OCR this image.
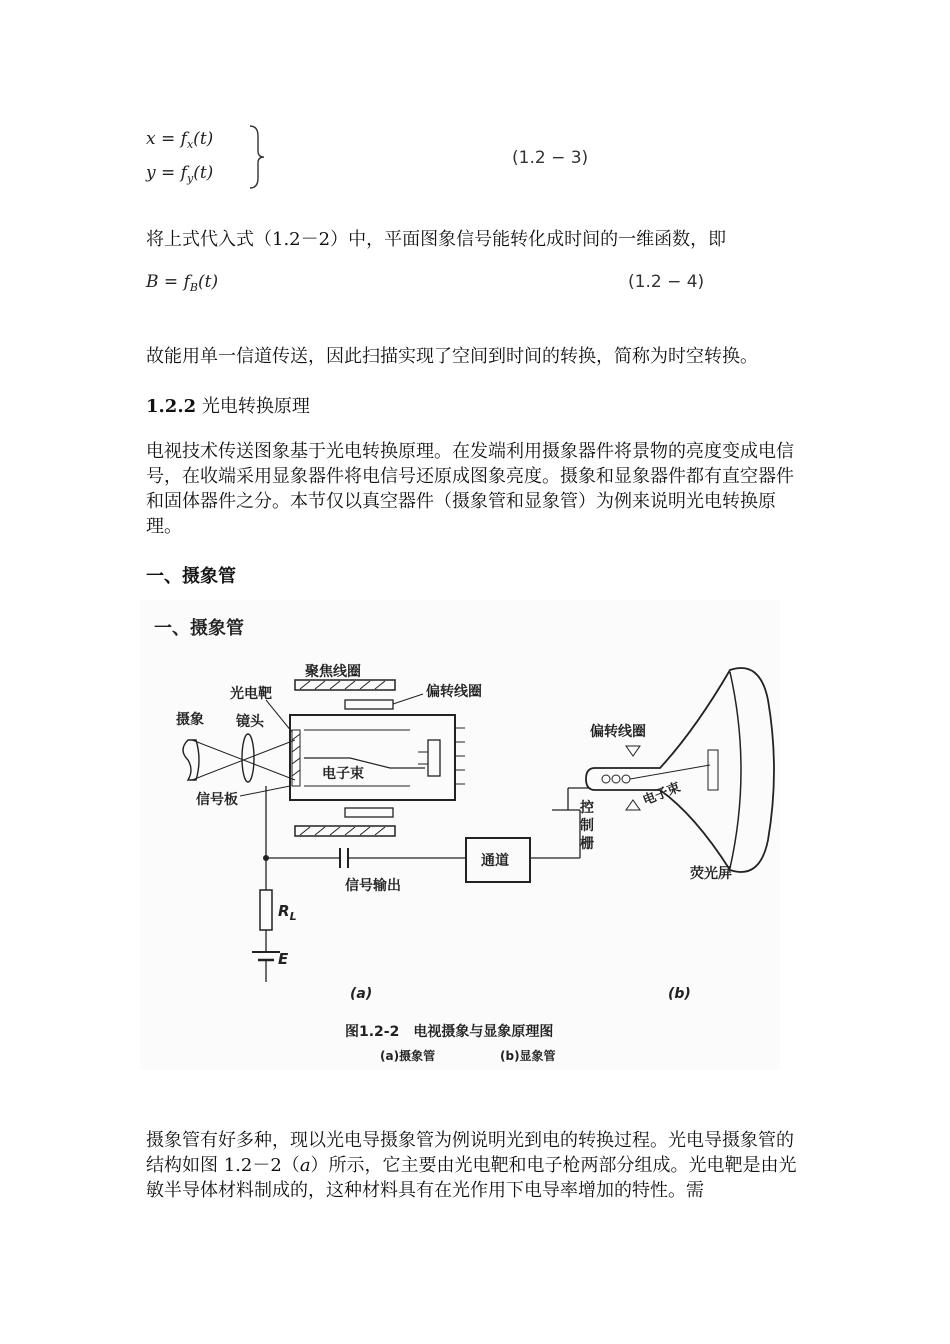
$x = f_x(t)$
$y = f_y(t)$
(1.2 − 3)
将上式代入式（1.2－2）中，平面图象信号能转化成时间的一维函数，即
$B = f_B(t)$	(1.2 − 4)
故能用单一信道传送，因此扫描实现了空间到时间的转换，简称为时空转换。
1.2.2 光电转换原理
电视技术传送图象基于光电转换原理。在发端利用摄象器件将景物的亮度变成电信号，在收端采用显象器件将电信号还原成图象亮度。摄象和显象器件都有直空器件和固体器件之分。本节仅以真空器件（摄象管和显象管）为例来说明光电转换原理。
一、摄象管
一、摄象管
聚焦线圈
偏转线圈
电子束
光电靶
摄象 镜头
信号板
信号输出
通道
$R_L$
E
(a)
电子束
偏转线圈
控
制
栅
荧光屏
(b)
图1.2-2　电视摄象与显象原理图
(a)摄象管	(b)显象管
摄象管有好多种，现以光电导摄象管为例说明光到电的转换过程。光电导摄象管的结构如图 1.2－2（a）所示，它主要由光电靶和电子枪两部分组成。光电靶是由光敏半导体材料制成的，这种材料具有在光作用下电导率增加的特性。需
